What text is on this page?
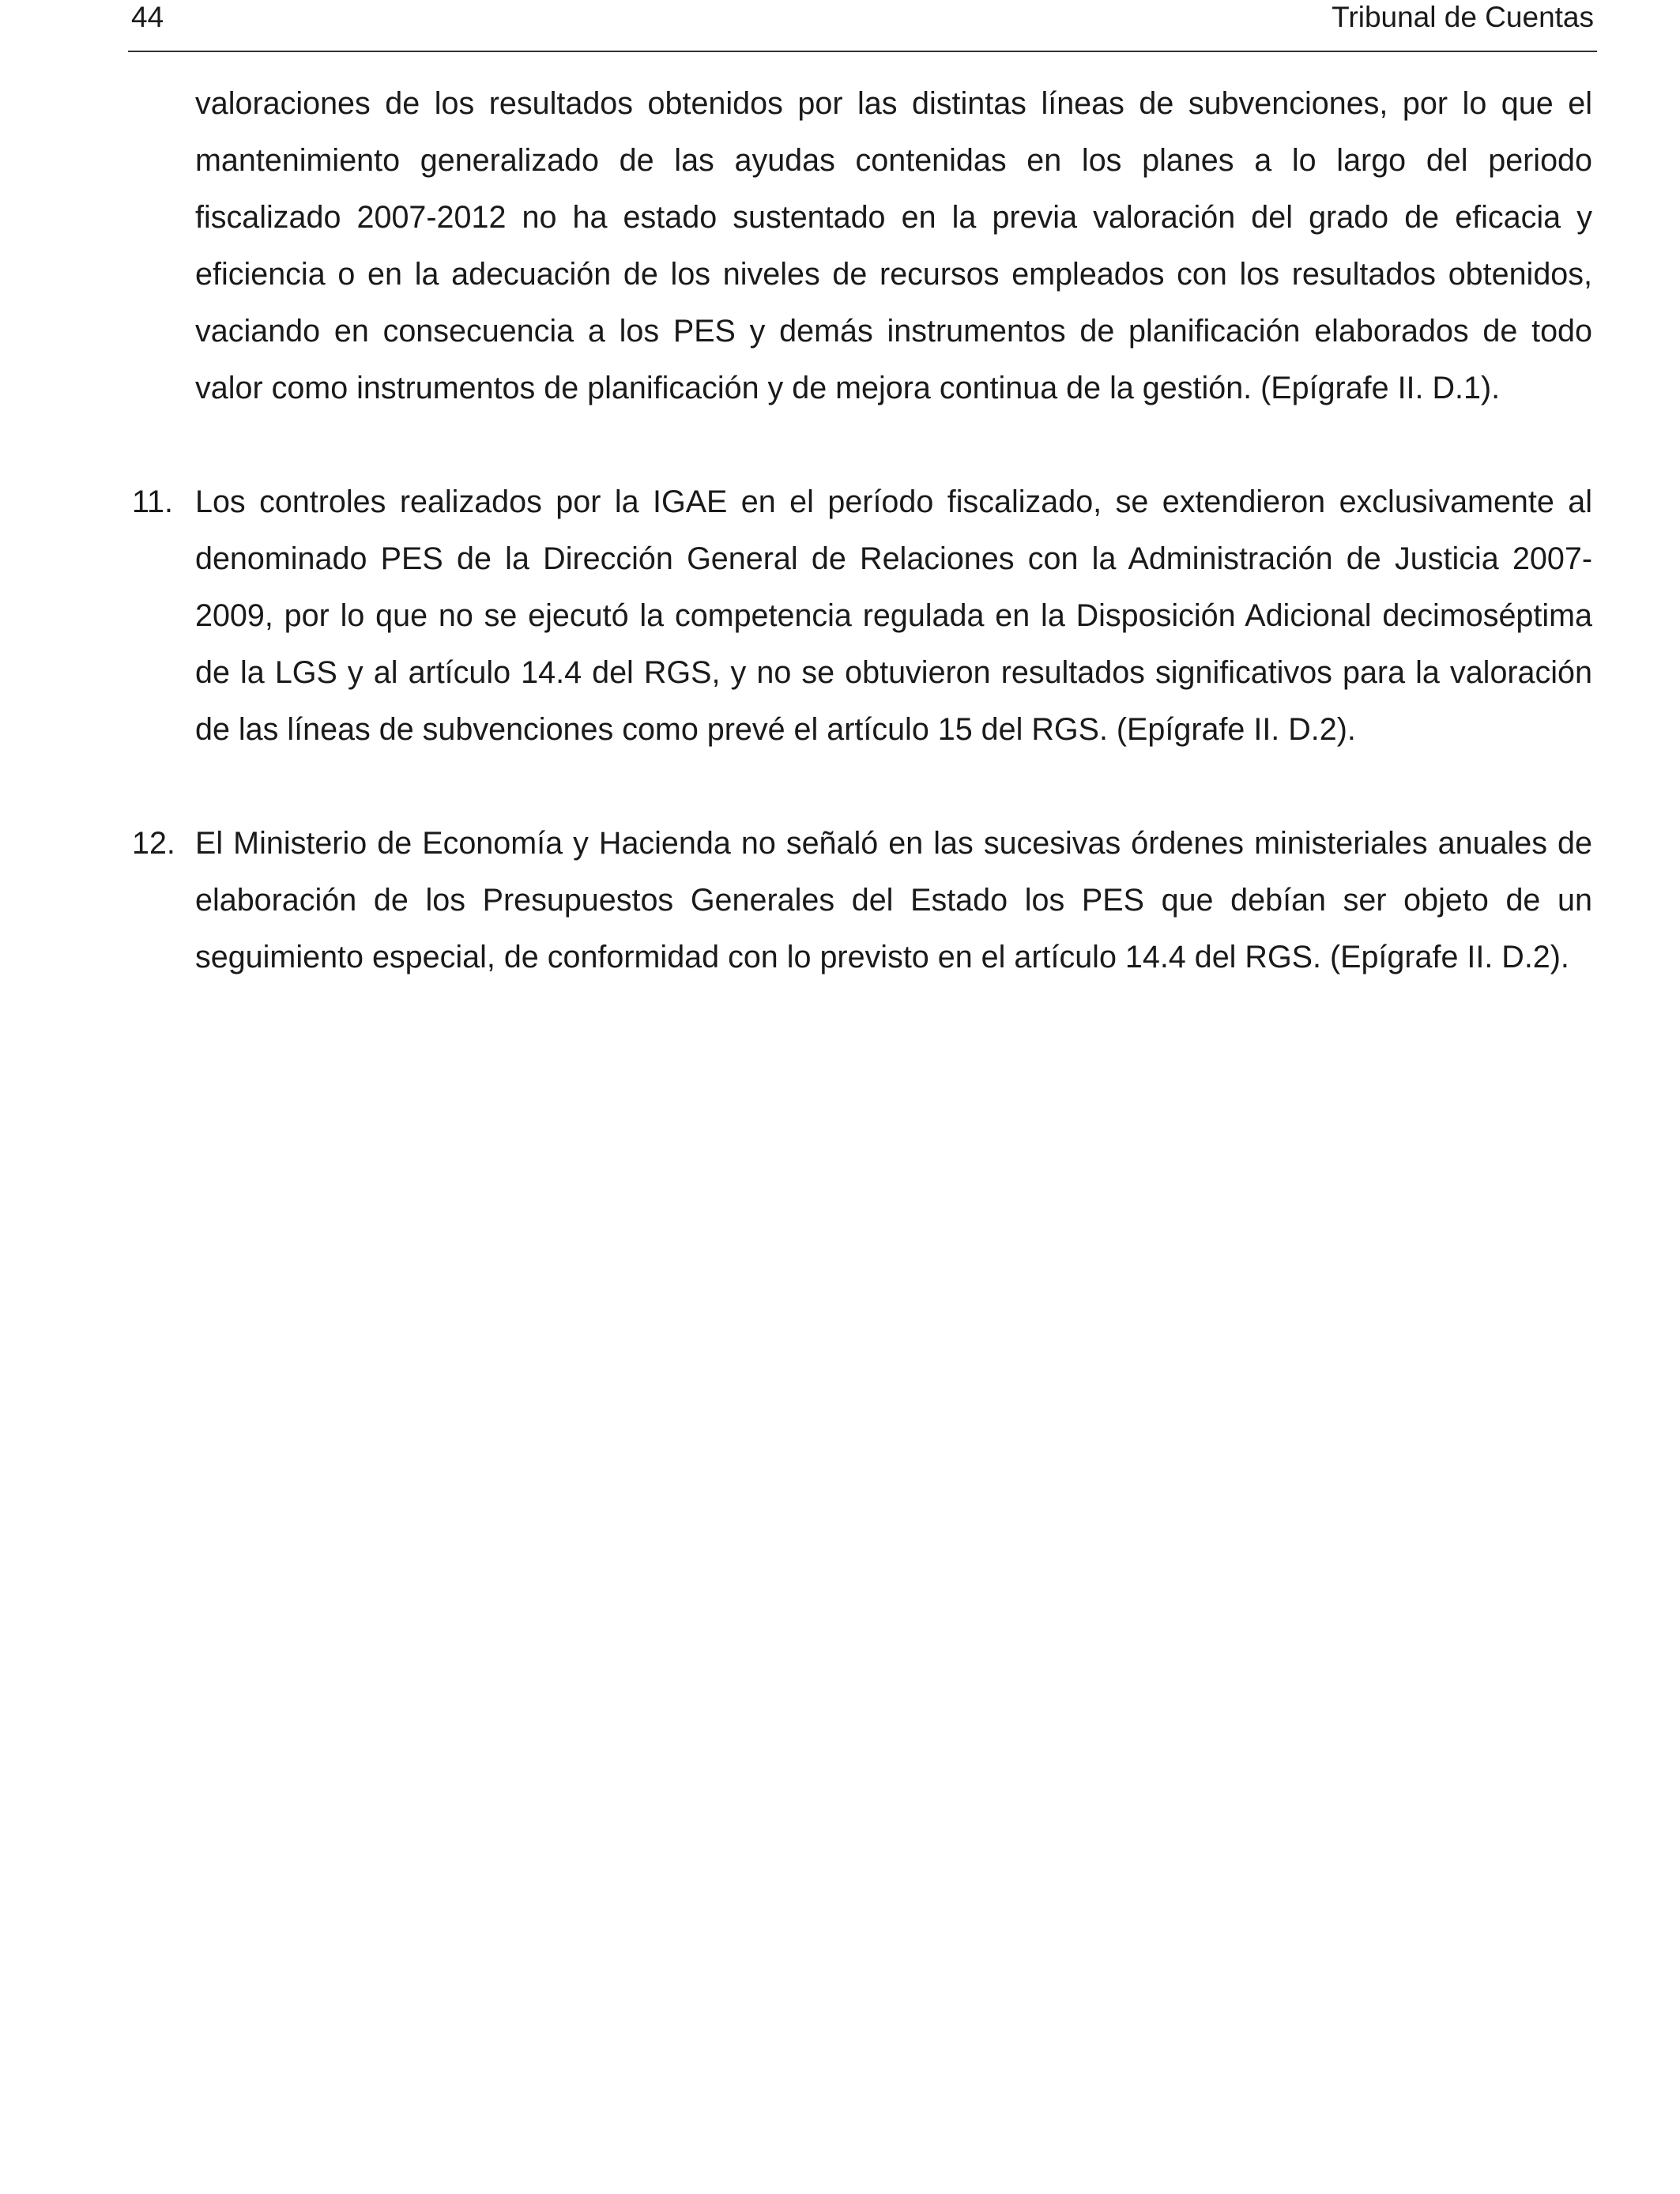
44	Tribunal de Cuentas

valoraciones de los resultados obtenidos por las distintas líneas de subvenciones, por lo que el mantenimiento generalizado de las ayudas contenidas en los planes a lo largo del periodo fiscalizado 2007-2012 no ha estado sustentado en la previa valoración del grado de eficacia y eficiencia o en la adecuación de los niveles de recursos empleados con los resultados obtenidos, vaciando en consecuencia a los PES y demás instrumentos de planificación elaborados de todo valor como instrumentos de planificación y de mejora continua de la gestión. (Epígrafe II. D.1).

11. Los controles realizados por la IGAE en el período fiscalizado, se extendieron exclusivamente al denominado PES de la Dirección General de Relaciones con la Administración de Justicia 2007-2009, por lo que no se ejecutó la competencia regulada en la Disposición Adicional decimoséptima de la LGS y al artículo 14.4 del RGS, y no se obtuvieron resultados significativos para la valoración de las líneas de subvenciones como prevé el artículo 15 del RGS. (Epígrafe II. D.2).

12. El Ministerio de Economía y Hacienda no señaló en las sucesivas órdenes ministeriales anuales de elaboración de los Presupuestos Generales del Estado los PES que debían ser objeto de un seguimiento especial, de conformidad con lo previsto en el artículo 14.4 del RGS. (Epígrafe II. D.2).
